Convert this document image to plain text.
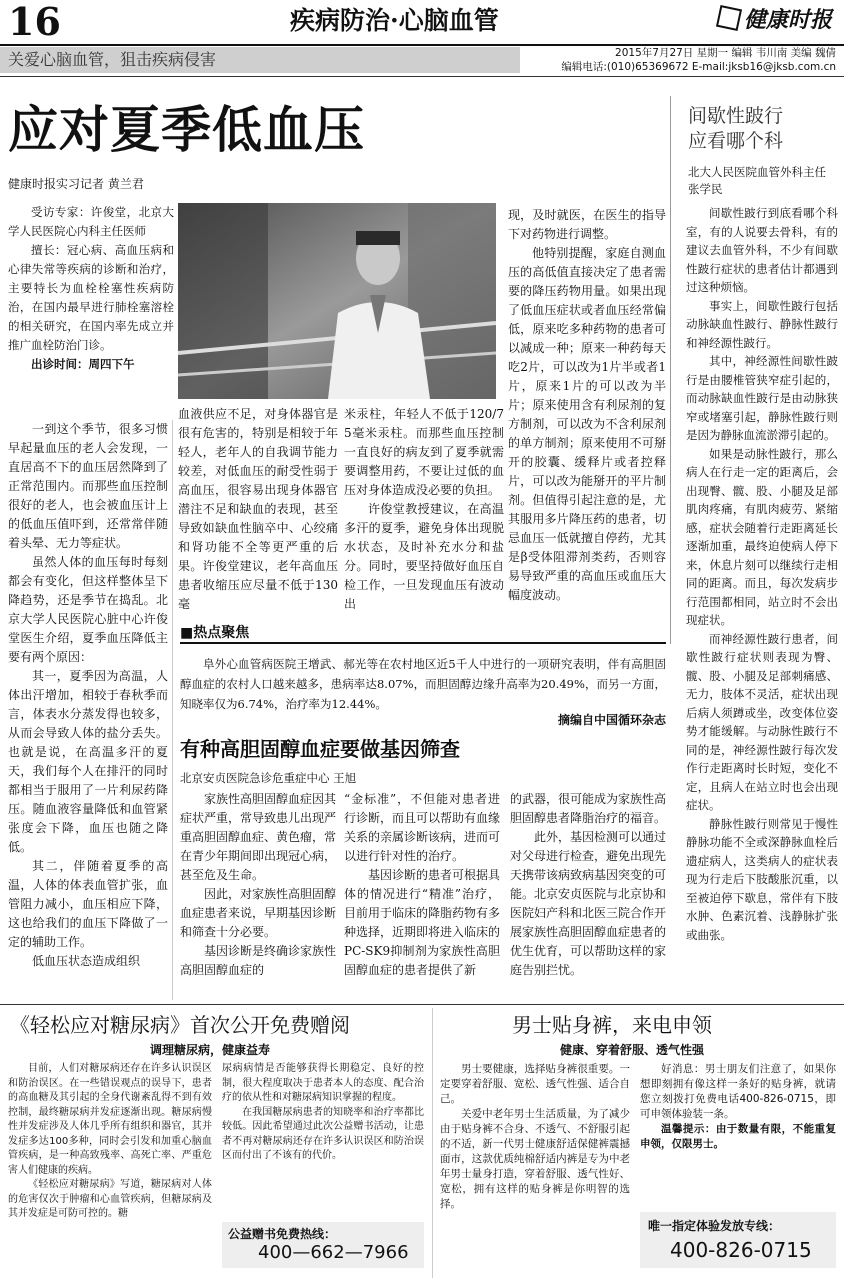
16	疾病防治·心脑血管	健康时报
关爱心脑血管，狙击疾病侵害	2015年7月27日 星期一 编辑 韦川南 美编 魏倩
编辑电话:(010)65369672 E-mail:jksb16@jksb.com.cn
应对夏季低血压
健康时报实习记者 黄兰君

受访专家：许俊堂，北京大学人民医院心内科主任医师

擅长：冠心病、高血压病和心律失常等疾病的诊断和治疗，主要特长为血栓栓塞性疾病防治，在国内最早进行肺栓塞溶栓的相关研究，在国内率先成立并推广血栓防治门诊。

出诊时间：周四下午

一到这个季节，很多习惯早起量血压的老人会发现，一直居高不下的血压居然降到了正常范围内。而那些血压控制很好的老人，也会被血压计上的低血压值吓到，还常常伴随着头晕、无力等症状。

虽然人体的血压每时每刻都会有变化，但这样整体呈下降趋势，还是季节在捣乱。北京大学人民医院心脏中心许俊堂医生介绍，夏季血压降低主要有两个原因：

其一，夏季因为高温，人体出汗增加，相较于春秋季而言，体表水分蒸发得也较多，从而会导致人体的盐分丢失。也就是说，在高温多汗的夏天，我们每个人在排汗的同时都相当于服用了一片利尿药降压。随血液容量降低和血管紧张度会下降，血压也随之降低。

其二，伴随着夏季的高温，人体的体表血管扩张，血管阻力减小，血压相应下降，这也给我们的血压下降做了一定的辅助工作。

低血压状态造成组织

血液供应不足，对身体器官是很有危害的，特别是相较于年轻人，老年人的自我调节能力较差，对低血压的耐受性弱于高血压，很容易出现身体器官潜注不足和缺血的表现，甚至导致如缺血性脑卒中、心绞痛和肾功能不全等更严重的后果。许俊堂建议，老年高血压患者收缩压应尽量不低于130毫

米汞柱，年轻人不低于120/75毫米汞柱。而那些血压控制一直良好的病友到了夏季就需要调整用药，不要让过低的血压对身体造成没必要的负担。

许俊堂教授建议，在高温多汗的夏季，避免身体出现脱水状态，及时补充水分和盐分。同时，要坚持做好血压自检工作，一旦发现血压有波动出

现，及时就医，在医生的指导下对药物进行调整。

他特别提醒，家庭自测血压的高低值直接决定了患者需要的降压药物用量。如果出现了低血压症状或者血压经常偏低，原来吃多种药物的患者可以减成一种；原来一种药每天吃2片，可以改为1片半或者1片，原来1片的可以改为半片；原来使用含有利尿剂的复方制剂，可以改为不含利尿剂的单方制剂；原来使用不可掰开的胶囊、缓释片或者控释片，可以改为能掰开的平片制剂。但值得引起注意的是，尤其服用多片降压药的患者，切忌血压一低就擅自停药，尤其是β受体阻滞剂类药，否则容易导致严重的高血压或血压大幅度波动。

■热点聚焦

阜外心血管病医院王增武、郝光等在农村地区近5千人中进行的一项研究表明，伴有高胆固醇血症的农村人口越来越多，患病率达8.07%，而胆固醇边缘升高率为20.49%，而另一方面，知晓率仅为6.74%，治疗率为12.44%。

摘编自中国循环杂志
有种高胆固醇血症要做基因筛查
北京安贞医院急诊危重症中心 王旭

家族性高胆固醇血症因其症状严重，常导致患儿出现严重高胆固醇血症、黄色瘤，常在青少年期间即出现冠心病，甚至危及生命。

因此，对家族性高胆固醇血症患者来说，早期基因诊断和筛查十分必要。

基因诊断是终确诊家族性高胆固醇血症的

“金标准”，不但能对患者进行诊断，而且可以帮助有血缘关系的亲属诊断该病，进而可以进行针对性的治疗。

基因诊断的患者可根据具体的情况进行“精准”治疗，目前用于临床的降脂药物有多种选择，近期即将进入临床的PC-SK9抑制剂为家族性高胆固醇血症的患者提供了新

的武器，很可能成为家族性高胆固醇患者降脂治疗的福音。

此外，基因检测可以通过对父母进行检查，避免出现先天携带该病致病基因突变的可能。北京安贞医院与北京协和医院妇产科和北医三院合作开展家族性高胆固醇血症患者的优生优育，可以帮助这样的家庭告别拦忧。

间歇性跛行
应看哪个科
北大人民医院血管外科主任 张学民

间歇性跛行到底看哪个科室，有的人说要去骨科，有的建议去血管外科，不少有间歇性跛行症状的患者估计都遇到过这种烦恼。

事实上，间歇性跛行包括动脉缺血性跛行、静脉性跛行和神经源性跛行。

其中，神经源性间歇性跛行是由腰椎管狭窄症引起的，而动脉缺血性跛行是由动脉狭窄或堵塞引起，静脉性跛行则是因为静脉血流淤滞引起的。

如果是动脉性跛行，那么病人在行走一定的距离后，会出现臀、髋、股、小腿及足部肌肉疼痛，有肌肉疲劳、紧缩感，症状会随着行走距离延长逐渐加重，最终迫使病人停下来，休息片刻可以继续行走相同的距离。而且，每次发病步行范围都相同，站立时不会出现症状。

而神经源性跛行患者，间歇性跛行症状则表现为臀、髋、股、小腿及足部刺痛感、无力，肢体不灵活，症状出现后病人须蹲或坐，改变体位姿势才能缓解。与动脉性跛行不同的是，神经源性跛行每次发作行走距离时长时短，变化不定，且病人在站立时也会出现症状。

静脉性跛行则常见于慢性静脉功能不全或深静脉血栓后遗症病人，这类病人的症状表现为行走后下肢酸胀沉重，以至被迫停下歇息，常伴有下肢水肿、色素沉着、浅静脉扩张或曲张。

《轻松应对糖尿病》首次公开免费赠阅
调理糖尿病，健康益寿

目前，人们对糖尿病还存在许多认识误区和防治误区。在一些错误观点的误导下，患者的高血糖及其引起的全身代谢紊乱得不到有效控制，最终糖尿病并发症逐渐出现。糖尿病慢性并发症涉及人体几乎所有组织和器官，其并发症多达100多种，同时会引发和加重心脑血管疾病，是一种高致残率、高死亡率、严重危害人们健康的疾病。

《轻松应对糖尿病》写道，糖尿病对人体的危害仅次于肿瘤和心血管疾病，但糖尿病及其并发症是可防可控的。糖

尿病病情是否能够获得长期稳定、良好的控制，很大程度取决于患者本人的态度、配合治疗的依从性和对糖尿病知识掌握的程度。

在我国糖尿病患者的知晓率和治疗率都比较低。因此希望通过此次公益赠书活动，让患者不再对糖尿病还存在许多认识误区和防治误区而付出了不该有的代价。

公益赠书免费热线：
400—662—7966
男士贴身裤，来电申领
健康、穿着舒服、透气性强

男士要健康，选择贴身裤很重要。一定要穿着舒服、宽松、透气性强、适合自己。

关爱中老年男士生活质量，为了减少由于贴身裤不合身、不透气、不舒服引起的不适，新一代男士健康舒适保健裤震撼面市，这款优质纯棉舒适内裤是专为中老年男士量身打造，穿着舒服、透气性好、宽松，拥有这样的贴身裤是你明智的选择。

好消息：男士朋友们注意了，如果你想即刻拥有像这样一条好的贴身裤，就请您立刻拨打免费电话400-826-0715，即可申领体验装一条。

温馨提示：由于数量有限，不能重复申领，仅限男士。

唯一指定体验发放专线：
400-826-0715
